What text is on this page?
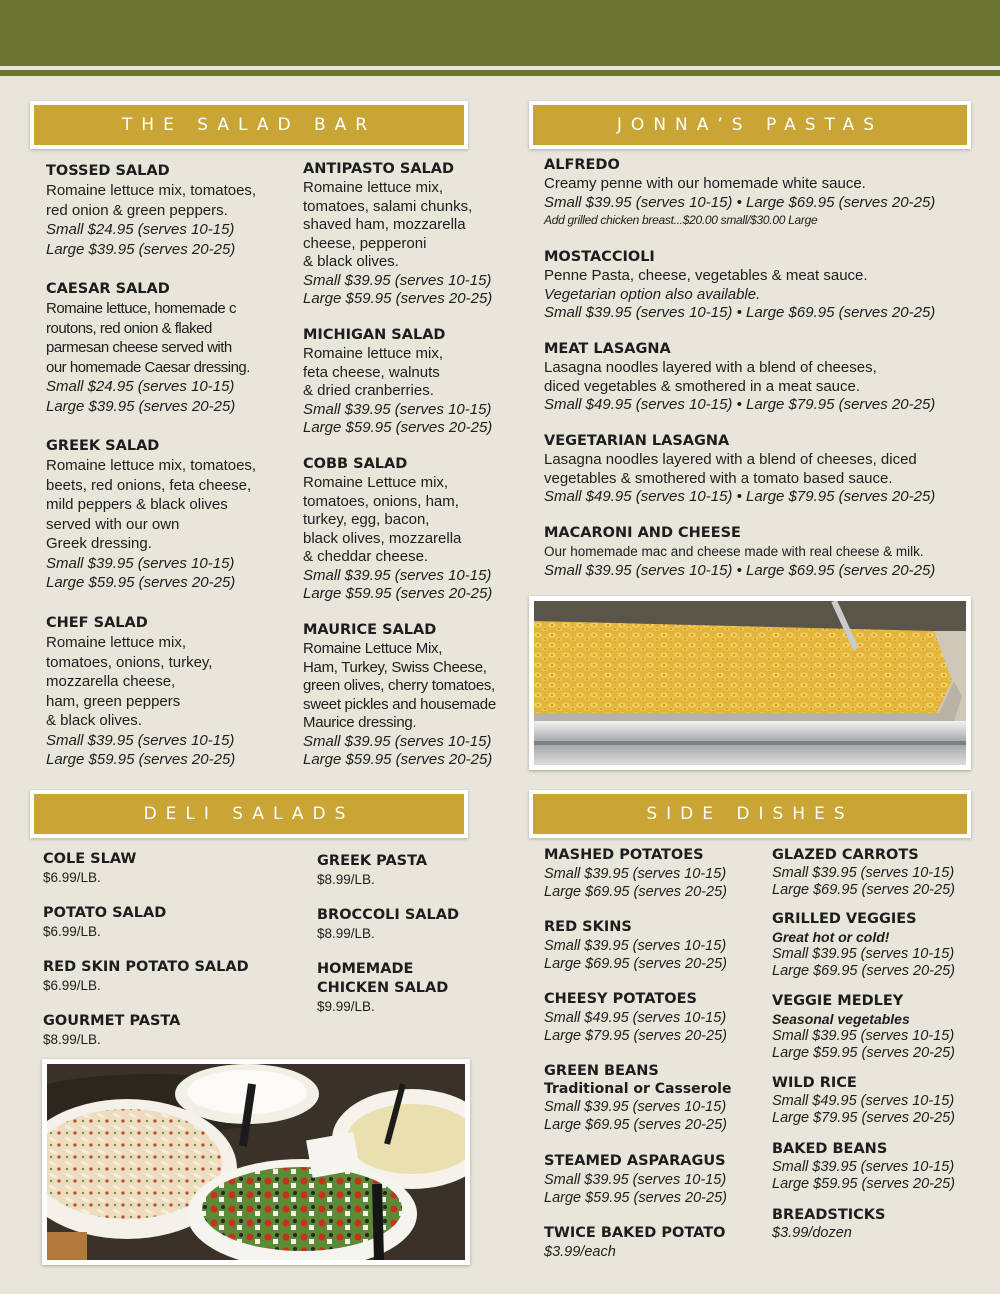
THE SALAD BAR
TOSSED SALAD
Romaine lettuce mix, tomatoes,
red onion & green peppers.
Small $24.95 (serves 10-15)
Large $39.95 (serves 20-25)
CAESAR SALAD
Romaine lettuce, homemade c
routons, red onion & flaked
parmesan cheese served with
our homemade Caesar dressing.
Small $24.95 (serves 10-15)
Large $39.95 (serves 20-25)
GREEK SALAD
Romaine lettuce mix, tomatoes,
beets, red onions, feta cheese,
mild peppers & black olives
served with our own
Greek dressing.
Small $39.95 (serves 10-15)
Large $59.95 (serves 20-25)
CHEF SALAD
Romaine lettuce mix,
tomatoes, onions, turkey,
mozzarella cheese,
ham, green peppers
& black olives.
Small $39.95 (serves 10-15)
Large $59.95 (serves 20-25)
ANTIPASTO SALAD
Romaine lettuce mix,
tomatoes, salami chunks,
shaved ham, mozzarella
cheese, pepperoni
& black olives.
Small $39.95 (serves 10-15)
Large $59.95 (serves 20-25)
MICHIGAN SALAD
Romaine lettuce mix,
feta cheese, walnuts
& dried cranberries.
Small $39.95 (serves 10-15)
Large $59.95 (serves 20-25)
COBB SALAD
Romaine Lettuce mix,
tomatoes, onions, ham,
turkey, egg, bacon,
black olives, mozzarella
& cheddar cheese.
Small $39.95 (serves 10-15)
Large $59.95 (serves 20-25)
MAURICE SALAD
Romaine Lettuce Mix,
Ham, Turkey, Swiss Cheese,
green olives, cherry tomatoes,
sweet pickles and housemade
Maurice dressing.
Small $39.95 (serves 10-15)
Large $59.95 (serves 20-25)
JONNA’S PASTAS
ALFREDO
Creamy penne with our homemade white sauce.
Small $39.95 (serves 10-15) • Large $69.95 (serves 20-25)
Add grilled chicken breast...$20.00 small/$30.00 Large
MOSTACCIOLI
Penne Pasta, cheese, vegetables & meat sauce.
Vegetarian option also available.
Small $39.95 (serves 10-15) • Large $69.95 (serves 20-25)
MEAT LASAGNA
Lasagna noodles layered with a blend of cheeses,
diced vegetables & smothered in a meat sauce.
Small $49.95 (serves 10-15) • Large $79.95 (serves 20-25)
VEGETARIAN LASAGNA
Lasagna noodles layered with a blend of cheeses, diced
vegetables & smothered with a tomato based sauce.
Small $49.95 (serves 10-15) • Large $79.95 (serves 20-25)
MACARONI AND CHEESE
Our homemade mac and cheese made with real cheese & milk.
Small $39.95 (serves 10-15) • Large $69.95 (serves 20-25)
DELI SALADS
COLE SLAW
$6.99/LB.
POTATO SALAD
$6.99/LB.
RED SKIN POTATO SALAD
$6.99/LB.
GOURMET PASTA
$8.99/LB.
GREEK PASTA
$8.99/LB.
BROCCOLI SALAD
$8.99/LB.
HOMEMADE
CHICKEN SALAD
$9.99/LB.
SIDE DISHES
MASHED POTATOES
Small $39.95 (serves 10-15)
Large $69.95 (serves 20-25)
RED SKINS
Small $39.95 (serves 10-15)
Large $69.95 (serves 20-25)
CHEESY POTATOES
Small $49.95 (serves 10-15)
Large $79.95 (serves 20-25)
GREEN BEANS
Traditional or Casserole
Small $39.95 (serves 10-15)
Large $69.95 (serves 20-25)
STEAMED ASPARAGUS
Small $39.95 (serves 10-15)
Large $59.95 (serves 20-25)
TWICE BAKED POTATO
$3.99/each
GLAZED CARROTS
Small $39.95 (serves 10-15)
Large $69.95 (serves 20-25)
GRILLED VEGGIES
Great hot or cold!
Small $39.95 (serves 10-15)
Large $69.95 (serves 20-25)
VEGGIE MEDLEY
Seasonal vegetables
Small $39.95 (serves 10-15)
Large $59.95 (serves 20-25)
WILD RICE
Small $49.95 (serves 10-15)
Large $79.95 (serves 20-25)
BAKED BEANS
Small $39.95 (serves 10-15)
Large $59.95 (serves 20-25)
BREADSTICKS
$3.99/dozen
